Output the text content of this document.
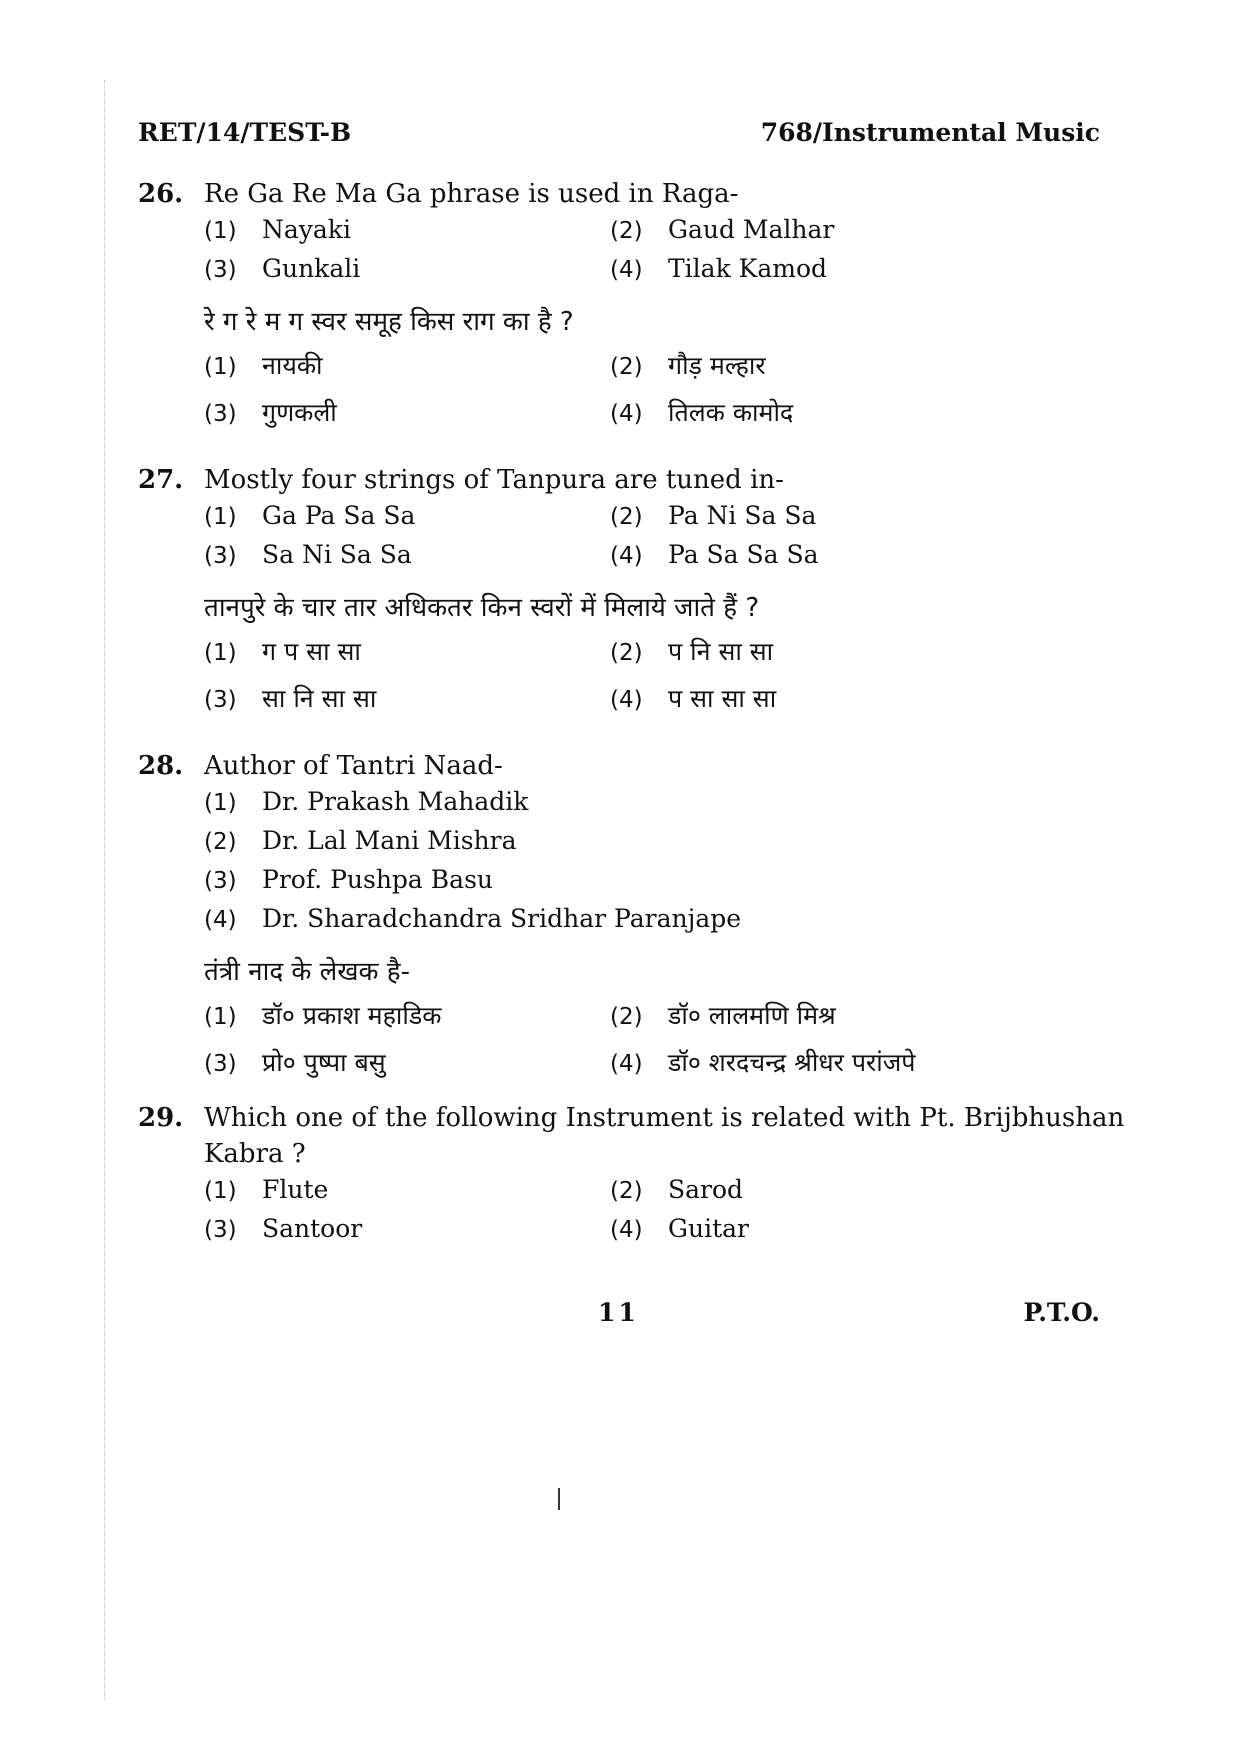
RET/14/TEST-B	768/Instrumental Music
26. Re Ga Re Ma Ga phrase is used in Raga-
(1) Nayaki	(2) Gaud Malhar
(3) Gunkali	(4) Tilak Kamod
रे ग रे म ग स्वर समूह किस राग का है ?
(1) नायकी	(2) गौड़ मल्हार
(3) गुणकली	(4) तिलक कामोद
27. Mostly four strings of Tanpura are tuned in-
(1) Ga Pa Sa Sa	(2) Pa Ni Sa Sa
(3) Sa Ni Sa Sa	(4) Pa Sa Sa Sa
तानपुरे के चार तार अधिकतर किन स्वरों में मिलाये जाते हैं ?
(1) ग प सा सा	(2) प नि सा सा
(3) सा नि सा सा	(4) प सा सा सा
28. Author of Tantri Naad-
(1) Dr. Prakash Mahadik
(2) Dr. Lal Mani Mishra
(3) Prof. Pushpa Basu
(4) Dr. Sharadchandra Sridhar Paranjape
तंत्री नाद के लेखक है-
(1) डॉ० प्रकाश महाडिक	(2) डॉ० लालमणि मिश्र
(3) प्रो० पुष्पा बसु	(4) डॉ० शरदचन्द्र श्रीधर परांजपे
29. Which one of the following Instrument is related with Pt. Brijbhushan Kabra ?
(1) Flute	(2) Sarod
(3) Santoor	(4) Guitar
11	P.T.O.
